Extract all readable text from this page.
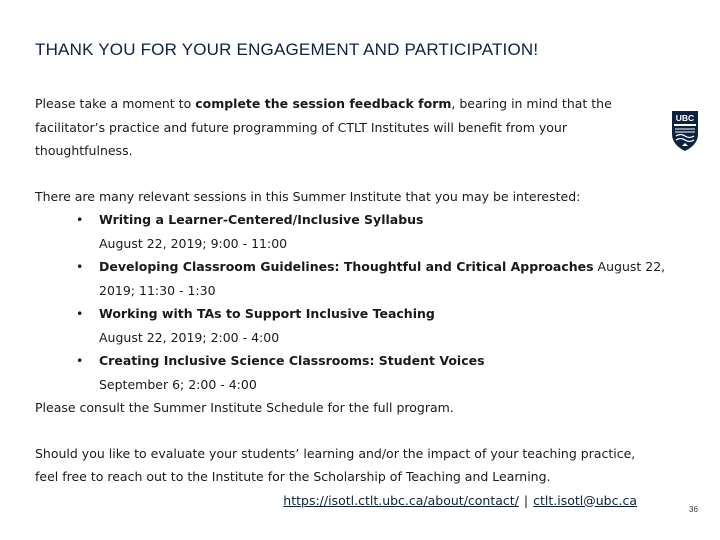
THANK YOU FOR YOUR ENGAGEMENT AND PARTICIPATION!
UBC
Please take a moment to complete the session feedback form, bearing in mind that the
facilitator’s practice and future programming of CTLT Institutes will benefit from your
thoughtfulness.
There are many relevant sessions in this Summer Institute that you may be interested:
• Writing a Learner-Centered/Inclusive Syllabus
August 22, 2019; 9:00 - 11:00
• Developing Classroom Guidelines: Thoughtful and Critical Approaches August 22,
2019; 11:30 - 1:30
• Working with TAs to Support Inclusive Teaching
August 22, 2019; 2:00 - 4:00
• Creating Inclusive Science Classrooms: Student Voices
September 6; 2:00 - 4:00
Please consult the Summer Institute Schedule for the full program.
Should you like to evaluate your students’ learning and/or the impact of your teaching practice,
feel free to reach out to the Institute for the Scholarship of Teaching and Learning.
https://isotl.ctlt.ubc.ca/about/contact/ | ctlt.isotl@ubc.ca
36
